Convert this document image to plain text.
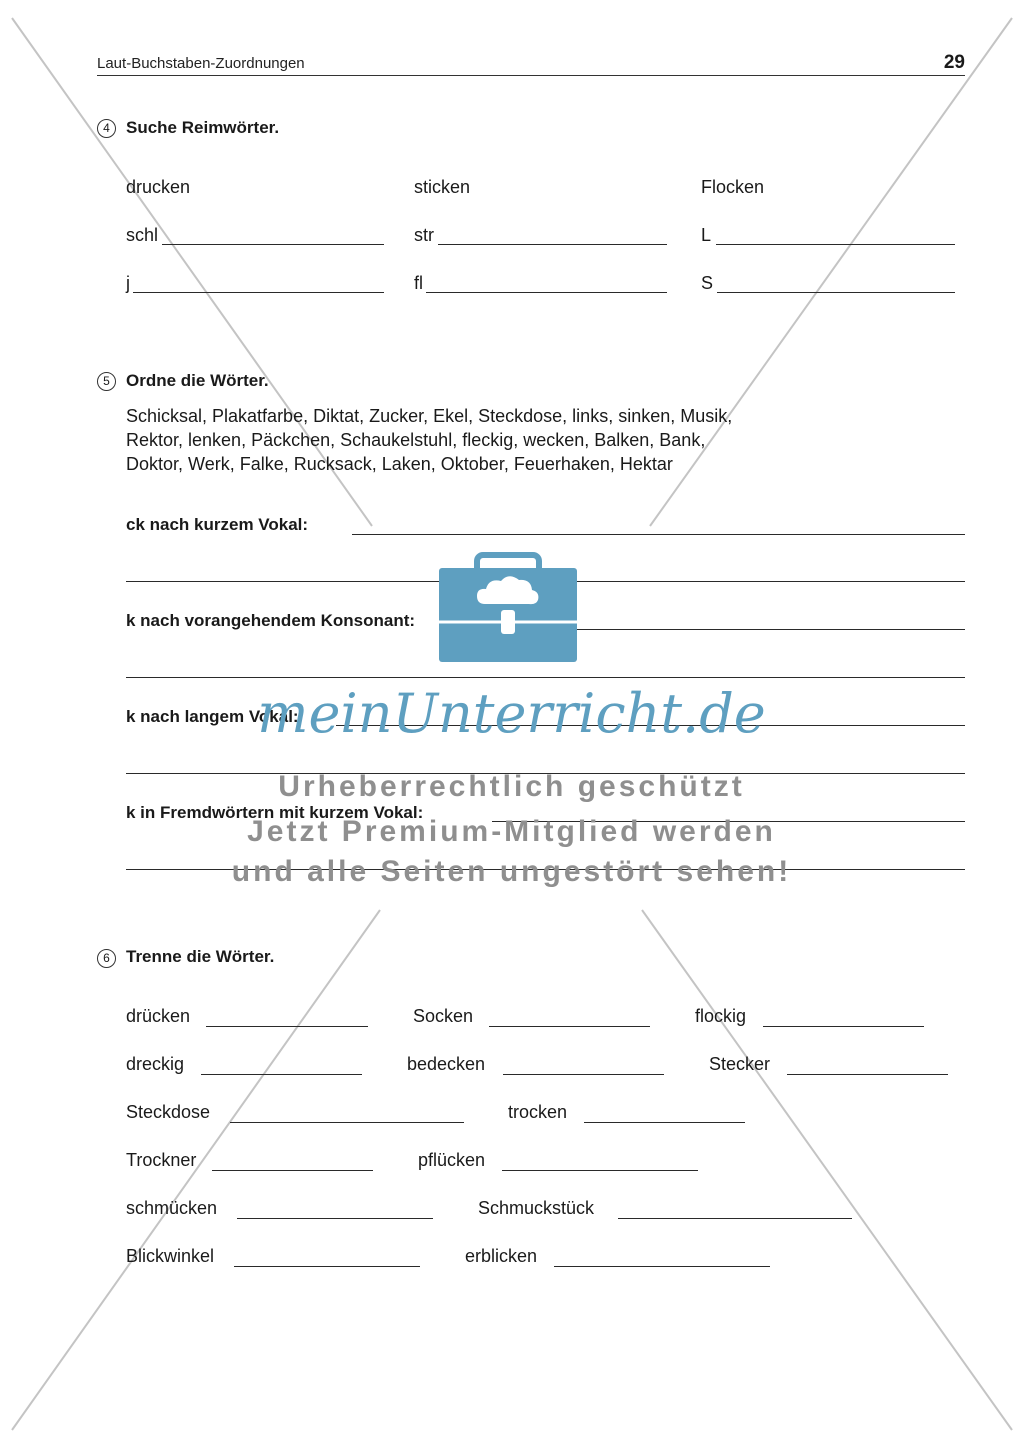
Laut-Buchstaben-Zuordnungen	29
4 Suche Reimwörter.
drucken	sticken	Flocken
schl	str	L
j	fl	S
5 Ordne die Wörter.
Schicksal, Plakatfarbe, Diktat, Zucker, Ekel, Steckdose, links, sinken, Musik,
Rektor, lenken, Päckchen, Schaukelstuhl, fleckig, wecken, Balken, Bank,
Doktor, Werk, Falke, Rucksack, Laken, Oktober, Feuerhaken, Hektar
ck nach kurzem Vokal:
k nach vorangehendem Konsonant:
k nach langem Vokal:
k in Fremdwörtern mit kurzem Vokal:
6 Trenne die Wörter.
drücken	Socken	flockig
dreckig	bedecken	Stecker
Steckdose	trocken
Trockner	pflücken
schmücken	Schmuckstück
Blickwinkel	erblicken
meinUnterricht.de
Urheberrechtlich geschützt
Jetzt Premium-Mitglied werden
und alle Seiten ungestört sehen!
